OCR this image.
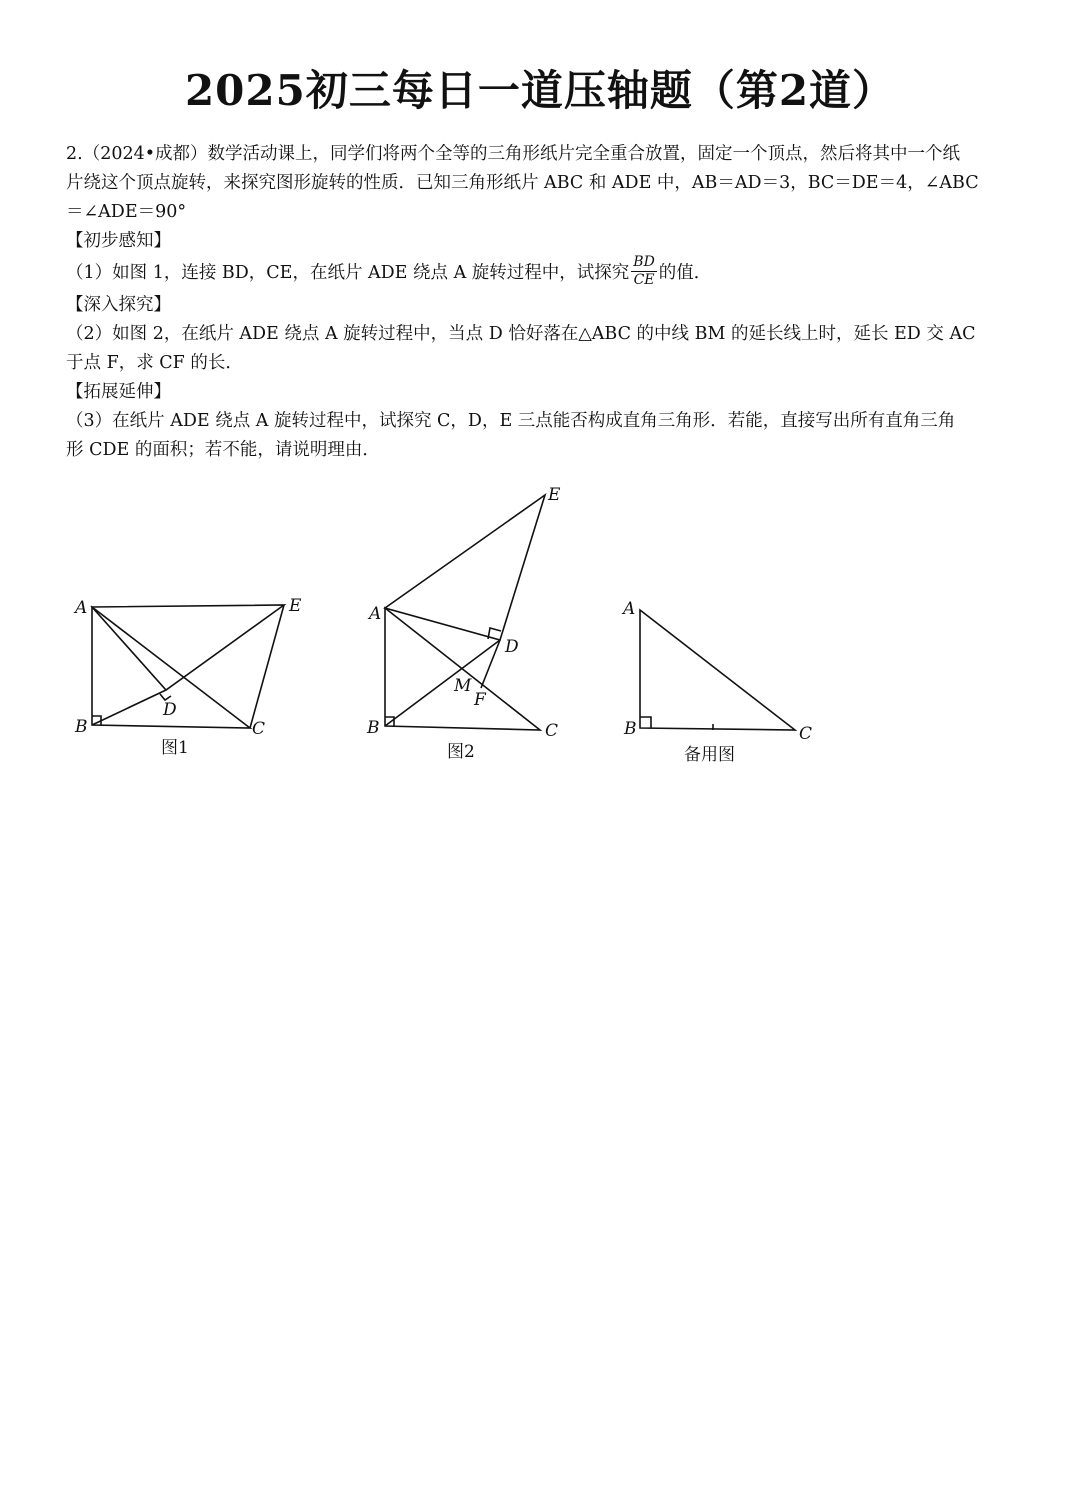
2025初三每日一道压轴题（第2道）

2.（2024•成都）数学活动课上，同学们将两个全等的三角形纸片完全重合放置，固定一个顶点，然后将其中一个纸

片绕这个顶点旋转，来探究图形旋转的性质．已知三角形纸片 ABC 和 ADE 中，AB＝AD＝3，BC＝DE＝4，∠ABC

＝∠ADE＝90°

【初步感知】

（1）如图 1，连接 BD，CE，在纸片 ADE 绕点 A 旋转过程中，试探究 $\frac{BD}{CE}$ 的值．

【深入探究】

（2）如图 2，在纸片 ADE 绕点 A 旋转过程中，当点 D 恰好落在△ABC 的中线 BM 的延长线上时，延长 ED 交 AC

于点 F，求 CF 的长．

【拓展延伸】

（3）在纸片 ADE 绕点 A 旋转过程中，试探究 C，D，E 三点能否构成直角三角形．若能，直接写出所有直角三角

形 CDE 的面积；若不能，请说明理由．

A
B	C
D
E	A
B	C
D
E
M
F
A
B	C
图1	图2	备用图
